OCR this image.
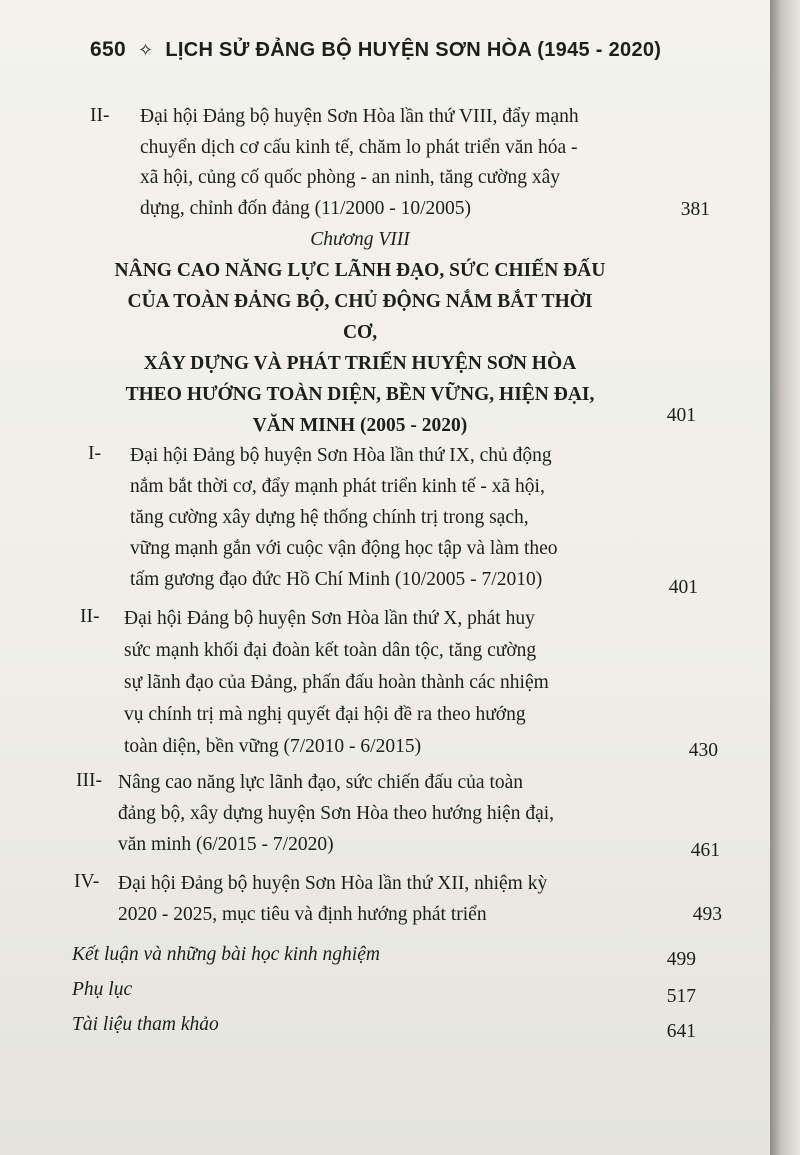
650 ✧ LỊCH SỬ ĐẢNG BỘ HUYỆN SƠN HÒA (1945 - 2020)
II- Đại hội Đảng bộ huyện Sơn Hòa lần thứ VIII, đẩy mạnh
chuyển dịch cơ cấu kinh tế, chăm lo phát triển văn hóa -
xã hội, củng cố quốc phòng - an ninh, tăng cường xây
dựng, chỉnh đốn đảng (11/2000 - 10/2005)	381
Chương VIII
NÂNG CAO NĂNG LỰC LÃNH ĐẠO, SỨC CHIẾN ĐẤU
CỦA TOÀN ĐẢNG BỘ, CHỦ ĐỘNG NẮM BẮT THỜI CƠ,
XÂY DỰNG VÀ PHÁT TRIỂN HUYỆN SƠN HÒA
THEO HƯỚNG TOÀN DIỆN, BỀN VỮNG, HIỆN ĐẠI,
VĂN MINH (2005 - 2020)	401
I- Đại hội Đảng bộ huyện Sơn Hòa lần thứ IX, chủ động
nắm bắt thời cơ, đẩy mạnh phát triển kinh tế - xã hội,
tăng cường xây dựng hệ thống chính trị trong sạch,
vững mạnh gắn với cuộc vận động học tập và làm theo
tấm gương đạo đức Hồ Chí Minh (10/2005 - 7/2010)	401
II- Đại hội Đảng bộ huyện Sơn Hòa lần thứ X, phát huy
sức mạnh khối đại đoàn kết toàn dân tộc, tăng cường
sự lãnh đạo của Đảng, phấn đấu hoàn thành các nhiệm
vụ chính trị mà nghị quyết đại hội đề ra theo hướng
toàn diện, bền vững (7/2010 - 6/2015)	430
III- Nâng cao năng lực lãnh đạo, sức chiến đấu của toàn
đảng bộ, xây dựng huyện Sơn Hòa theo hướng hiện đại,
văn minh (6/2015 - 7/2020)	461
IV- Đại hội Đảng bộ huyện Sơn Hòa lần thứ XII, nhiệm kỳ
2020 - 2025, mục tiêu và định hướng phát triển	493
Kết luận và những bài học kinh nghiệm	499
Phụ lục	517
Tài liệu tham khảo	641
